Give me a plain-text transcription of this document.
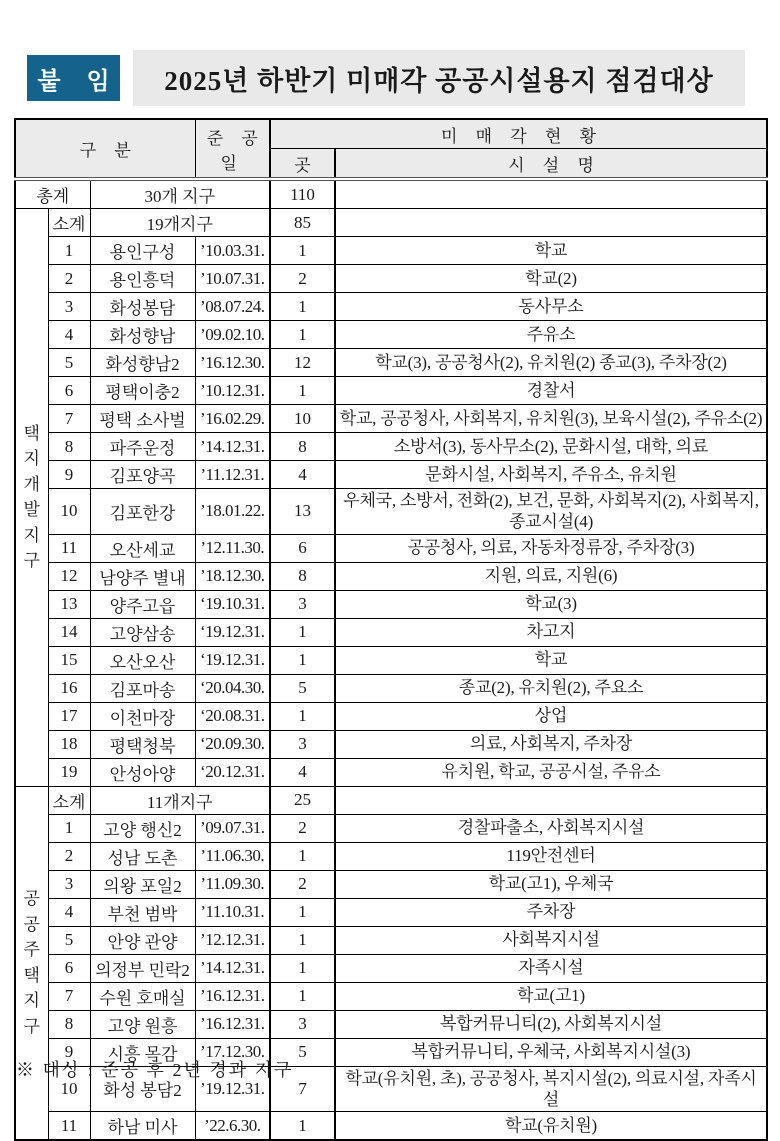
붙 임 2025년 하반기 미매각 공공시설용지 점검대상
구 분			준 공 일	미 매 각 현 황	
				곳	시 설 명
총계		30개 지구		110	

택지
개발
지구	소계	19개지구		85	
	1	용인구성	’10.03.31.	1	학교
	2	용인흥덕	’10.07.31.	2	학교(2)
	3	화성봉담	’08.07.24.	1	동사무소
	4	화성향남	’09.02.10.	1	주유소
	5	화성향남2	’16.12.30.	12	학교(3), 공공청사(2), 유치원(2) 종교(3), 주차장(2)
	6	평택이충2	’10.12.31.	1	경찰서
	7	평택 소사벌	’16.02.29.	10	학교, 공공청사, 사회복지, 유치원(3), 보육시설(2), 주유소(2)
	8	파주운정	’14.12.31.	8	소방서(3), 동사무소(2), 문화시설, 대학, 의료
	9	김포양곡	’11.12.31.	4	문화시설, 사회복지, 주유소, 유치원
	10	김포한강	’18.01.22.	13	우체국, 소방서, 전화(2), 보건, 문화, 사회복지(2), 사회복지, 종교시설(4)
	11	오산세교	’12.11.30.	6	공공청사, 의료, 자동차정류장, 주차장(3)
	12	남양주 별내	’18.12.30.	8	지원, 의료, 지원(6)
	13	양주고읍	‘19.10.31.	3	학교(3)
	14	고양삼송	‘19.12.31.	1	차고지
	15	오산오산	‘19.12.31.	1	학교
	16	김포마송	‘20.04.30.	5	종교(2), 유치원(2), 주요소
	17	이천마장	‘20.08.31.	1	상업
	18	평택청북	‘20.09.30.	3	의료, 사회복지, 주차장
	19	안성아양	‘20.12.31.	4	유치원, 학교, 공공시설, 주유소

공공
주택
지구	소계	11개지구		25	
	1	고양 행신2	’09.07.31.	2	경찰파출소, 사회복지시설
	2	성남 도촌	’11.06.30.	1	119안전센터
	3	의왕 포일2	’11.09.30.	2	학교(고1), 우체국
	4	부천 범박	’11.10.31.	1	주차장
	5	안양 관양	’12.12.31.	1	사회복지시설
	6	의정부 민락2	’14.12.31.	1	자족시설
	7	수원 호매실	’16.12.31.	1	학교(고1)
	8	고양 원흥	’16.12.31.	3	복합커뮤니티(2), 사회복지시설
	9	시흥 목감	’17.12.30.	5	복합커뮤니티, 우체국, 사회복지시설(3)
	10	화성 봉담2	’19.12.31.	7	학교(유치원, 초), 공공청사, 복지시설(2), 의료시설, 자족시설
	11	하남 미사	’22.6.30.	1	학교(유치원)
※ 대상 : 준공 후 2년 경과 지구
